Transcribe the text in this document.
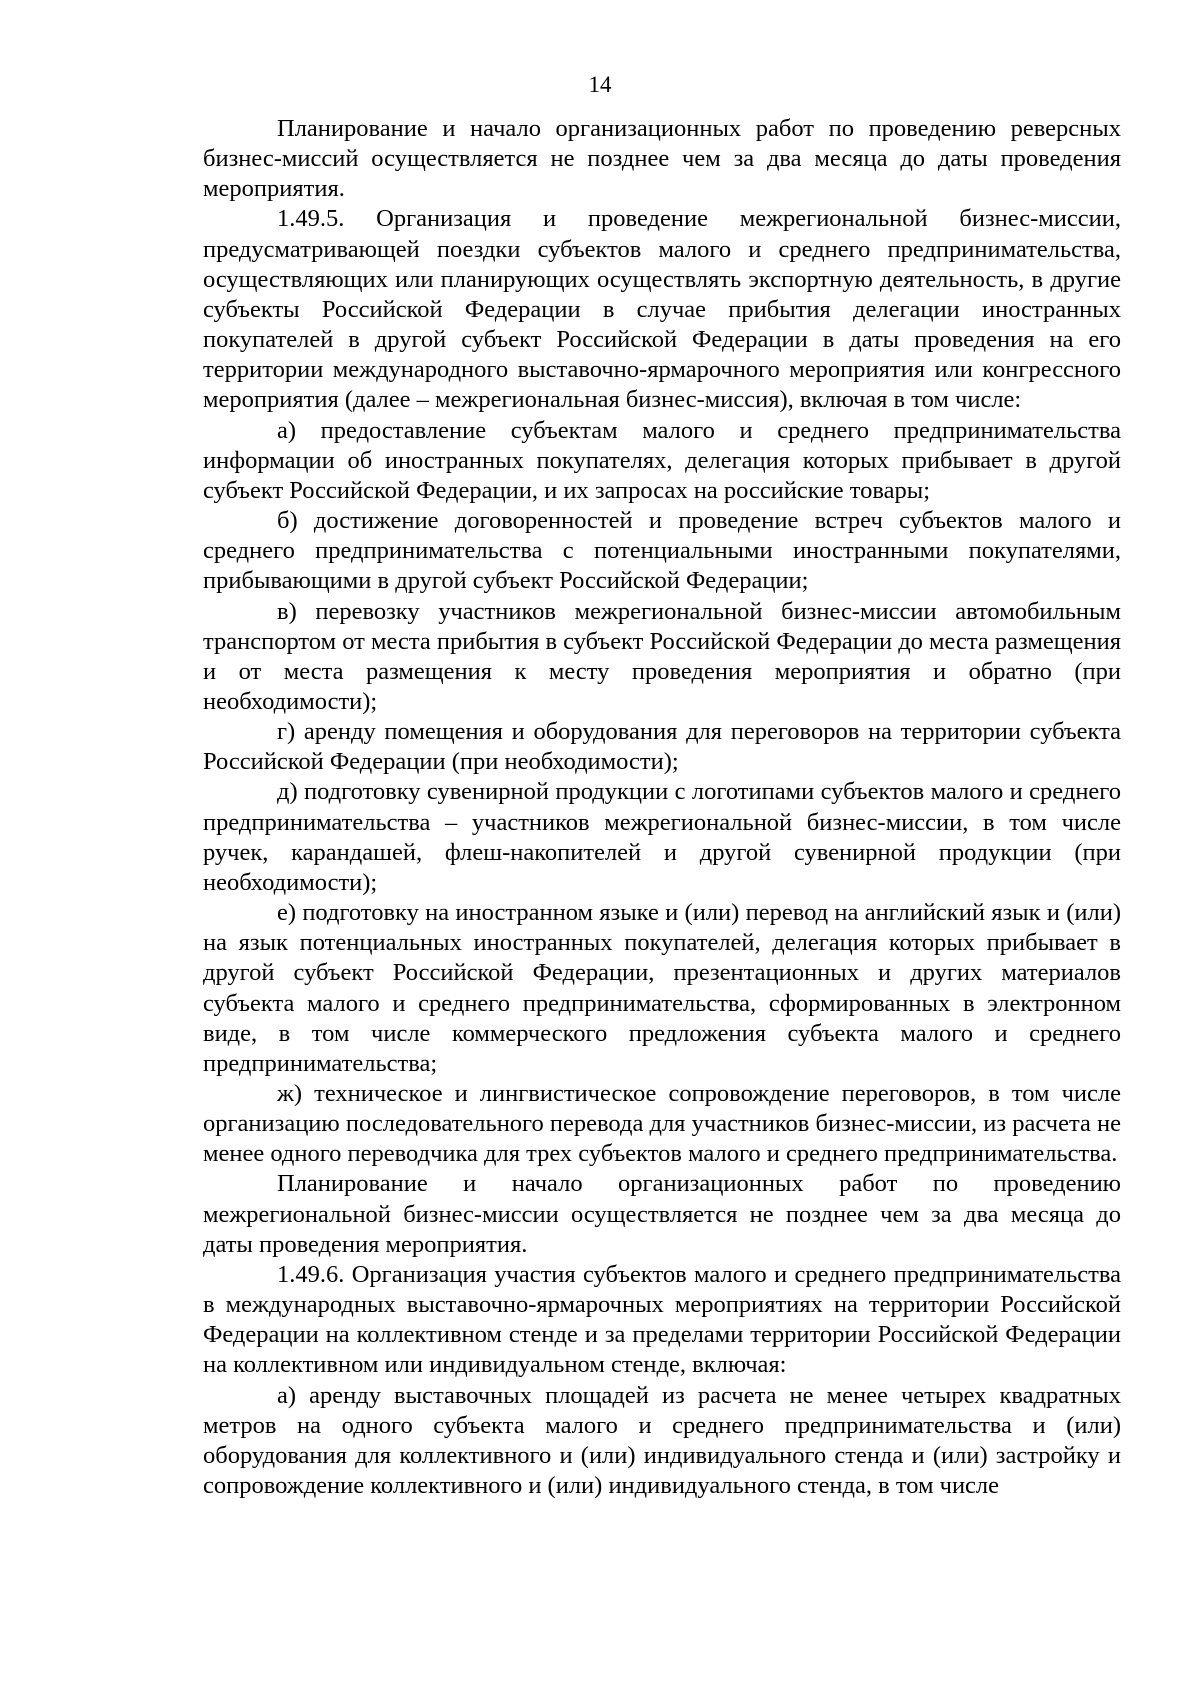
14

Планирование и начало организационных работ по проведению реверсных бизнес-миссий осуществляется не позднее чем за два месяца до даты проведения мероприятия.

1.49.5. Организация и проведение межрегиональной бизнес-миссии, предусматривающей поездки субъектов малого и среднего предпринимательства, осуществляющих или планирующих осуществлять экспортную деятельность, в другие субъекты Российской Федерации в случае прибытия делегации иностранных покупателей в другой субъект Российской Федерации в даты проведения на его территории международного выставочно-ярмарочного мероприятия или конгрессного мероприятия (далее – межрегиональная бизнес-миссия), включая в том числе:

а) предоставление субъектам малого и среднего предпринимательства информации об иностранных покупателях, делегация которых прибывает в другой субъект Российской Федерации, и их запросах на российские товары;

б) достижение договоренностей и проведение встреч субъектов малого и среднего предпринимательства с потенциальными иностранными покупателями, прибывающими в другой субъект Российской Федерации;

в) перевозку участников межрегиональной бизнес-миссии автомобильным транспортом от места прибытия в субъект Российской Федерации до места размещения и от места размещения к месту проведения мероприятия и обратно (при необходимости);

г) аренду помещения и оборудования для переговоров на территории субъекта Российской Федерации (при необходимости);

д) подготовку сувенирной продукции с логотипами субъектов малого и среднего предпринимательства – участников межрегиональной бизнес-миссии, в том числе ручек, карандашей, флеш-накопителей и другой сувенирной продукции (при необходимости);

е) подготовку на иностранном языке и (или) перевод на английский язык и (или) на язык потенциальных иностранных покупателей, делегация которых прибывает в другой субъект Российской Федерации, презентационных и других материалов субъекта малого и среднего предпринимательства, сформированных в электронном виде, в том числе коммерческого предложения субъекта малого и среднего предпринимательства;

ж) техническое и лингвистическое сопровождение переговоров, в том числе организацию последовательного перевода для участников бизнес-миссии, из расчета не менее одного переводчика для трех субъектов малого и среднего предпринимательства.

Планирование и начало организационных работ по проведению межрегиональной бизнес-миссии осуществляется не позднее чем за два месяца до даты проведения мероприятия.

1.49.6. Организация участия субъектов малого и среднего предпринимательства в международных выставочно-ярмарочных мероприятиях на территории Российской Федерации на коллективном стенде и за пределами территории Российской Федерации на коллективном или индивидуальном стенде, включая:

а) аренду выставочных площадей из расчета не менее четырех квадратных метров на одного субъекта малого и среднего предпринимательства и (или) оборудования для коллективного и (или) индивидуального стенда и (или) застройку и сопровождение коллективного и (или) индивидуального стенда, в том числе
